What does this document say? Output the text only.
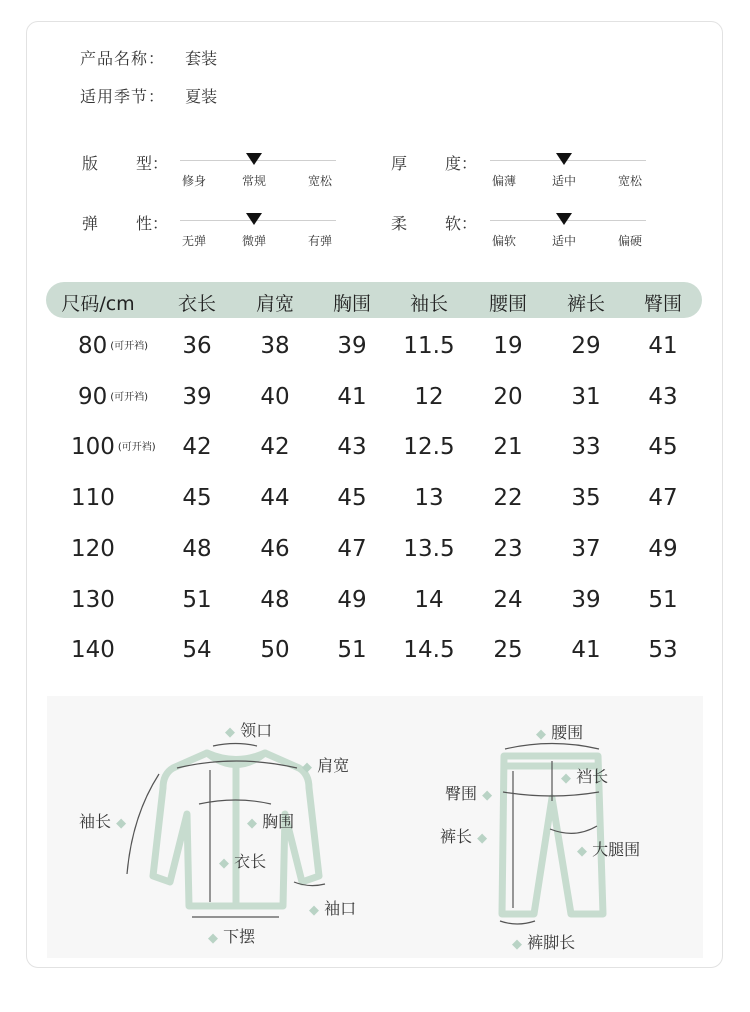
产品名称： 套装
适用季节： 夏装
版 型：
修身	常规	宽松
厚 度：
偏薄	适中	宽松
弹 性：
无弹	微弹	有弹
柔 软：
偏软	适中	偏硬
尺码/cm 衣长 肩宽 胸围 袖长 腰围 裤长 臀围
80 (可开裆) 36 38 39 11.5 19 29 41
90 (可开裆) 39 40 41 12 20 31 43
100 (可开裆) 42 42 43 12.5 21 33 45
110	45 44 45 13 22 35 47
120	48 46 47 13.5 23 37 49
130	51 48 49 14 24 39 51
140	54 50 51 14.5 25 41 53
◆ 领口
◆ 肩宽
袖长 ◆	◆ 胸围
◆ 衣长
◆ 袖口
◆ 下摆
◆ 腰围
◆ 裆长
臀围 ◆
裤长 ◆
◆ 大腿围
◆ 裤脚长
